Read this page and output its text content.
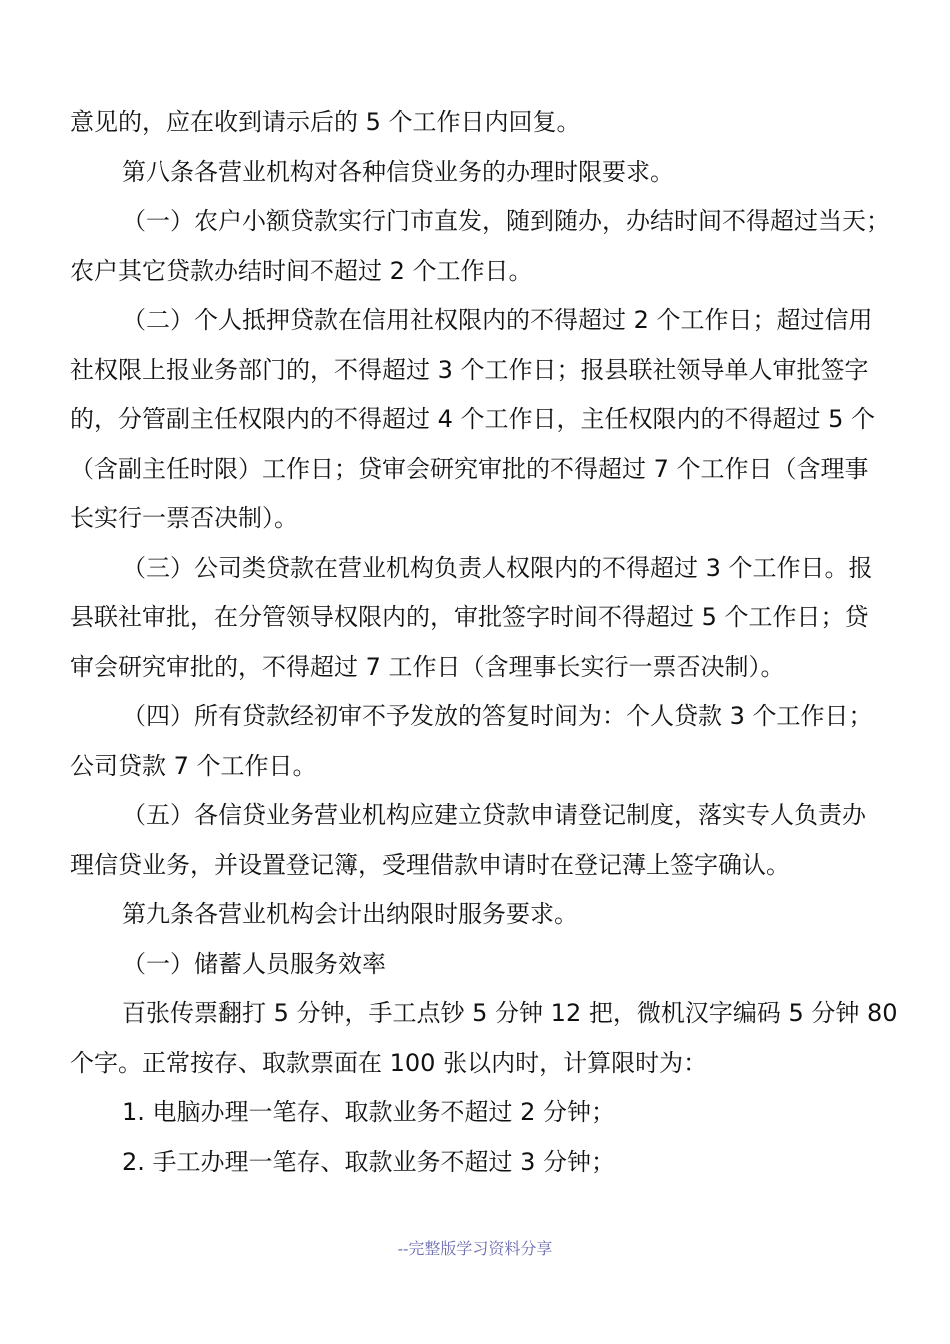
意见的，应在收到请示后的 5 个工作日内回复。
第八条各营业机构对各种信贷业务的办理时限要求。
（一）农户小额贷款实行门市直发，随到随办，办结时间不得超过当天；
农户其它贷款办结时间不超过 2 个工作日。
（二）个人抵押贷款在信用社权限内的不得超过 2 个工作日；超过信用
社权限上报业务部门的，不得超过 3 个工作日；报县联社领导单人审批签字
的，分管副主任权限内的不得超过 4 个工作日，主任权限内的不得超过 5 个
（含副主任时限）工作日；贷审会研究审批的不得超过 7 个工作日（含理事
长实行一票否决制）。
（三）公司类贷款在营业机构负责人权限内的不得超过 3 个工作日。报
县联社审批，在分管领导权限内的，审批签字时间不得超过 5 个工作日；贷
审会研究审批的，不得超过 7 工作日（含理事长实行一票否决制）。
（四）所有贷款经初审不予发放的答复时间为：个人贷款 3 个工作日；
公司贷款 7 个工作日。
（五）各信贷业务营业机构应建立贷款申请登记制度，落实专人负责办
理信贷业务，并设置登记簿，受理借款申请时在登记薄上签字确认。
第九条各营业机构会计出纳限时服务要求。
（一）储蓄人员服务效率
百张传票翻打 5 分钟，手工点钞 5 分钟 12 把，微机汉字编码 5 分钟 80
个字。正常按存、取款票面在 100 张以内时，计算限时为：
1. 电脑办理一笔存、取款业务不超过 2 分钟；
2. 手工办理一笔存、取款业务不超过 3 分钟；
--完整版学习资料分享
